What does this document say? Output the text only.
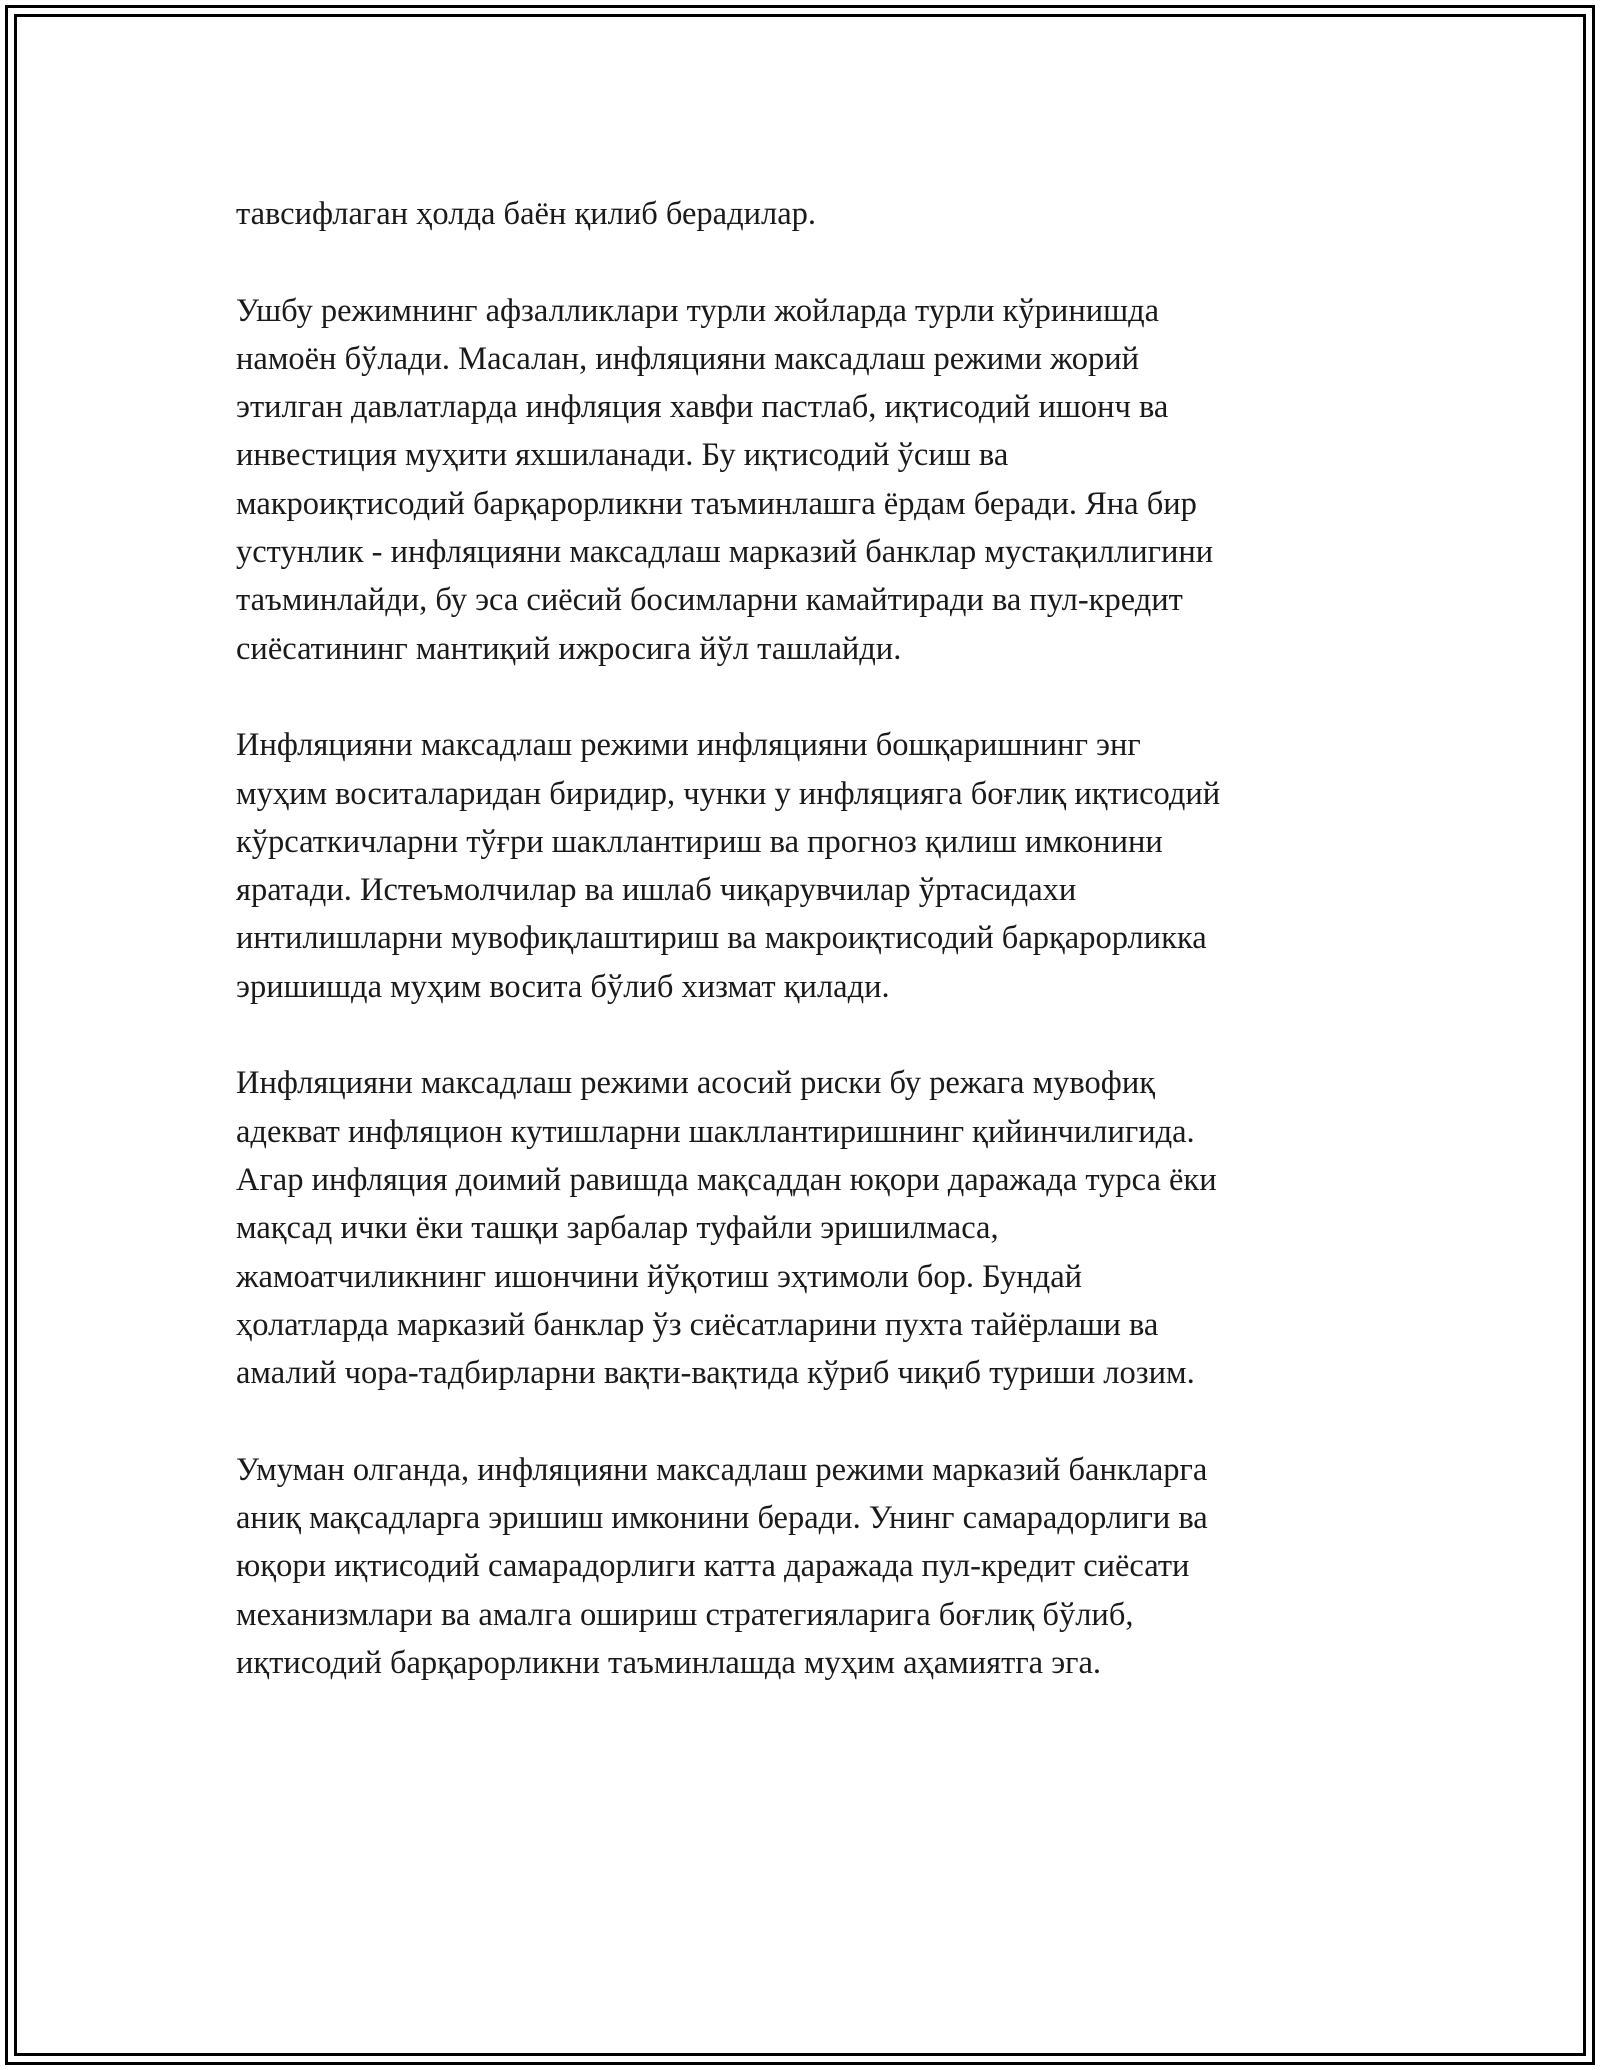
тавсифлаган ҳолда баён қилиб берадилар.

Ушбу режимнинг афзалликлари турли жойларда турли кўринишда
намоён бўлади. Масалан, инфляцияни максадлаш режими жорий
этилган давлатларда инфляция хавфи пастлаб, иқтисодий ишонч ва
инвестиция муҳити яхшиланади. Бу иқтисодий ўсиш ва
макроиқтисодий барқарорликни таъминлашга ёрдам беради. Яна бир
устунлик - инфляцияни максадлаш марказий банклар мустақиллигини
таъминлайди, бу эса сиёсий босимларни камайтиради ва пул-кредит
сиёсатининг мантиқий ижросига йўл ташлайди.

Инфляцияни максадлаш режими инфляцияни бошқаришнинг энг
муҳим воситаларидан биридир, чунки у инфляцияга боғлиқ иқтисодий
кўрсаткичларни тўғри шакллантириш ва прогноз қилиш имконини
яратади. Истеъмолчилар ва ишлаб чиқарувчилар ўртасидахи
интилишларни мувофиқлаштириш ва макроиқтисодий барқарорликка
эришишда муҳим восита бўлиб хизмат қилади.

Инфляцияни максадлаш режими асосий риски бу режага мувофиқ
адекват инфляцион кутишларни шакллантиришнинг қийинчилигида.
Агар инфляция доимий равишда мақсаддан юқори даражада турса ёки
мақсад ички ёки ташқи зарбалар туфайли эришилмаса,
жамоатчиликнинг ишончини йўқотиш эҳтимоли бор. Бундай
ҳолатларда марказий банклар ўз сиёсатларини пухта тайёрлаши ва
амалий чора-тадбирларни вақти-вақтида кўриб чиқиб туриши лозим.

Умуман олганда, инфляцияни максадлаш режими марказий банкларга
аниқ мақсадларга эришиш имконини беради. Унинг самарадорлиги ва
юқори иқтисодий самарадорлиги катта даражада пул-кредит сиёсати
механизмлари ва амалга ошириш стратегияларига боғлиқ бўлиб,
иқтисодий барқарорликни таъминлашда муҳим аҳамиятга эга.
